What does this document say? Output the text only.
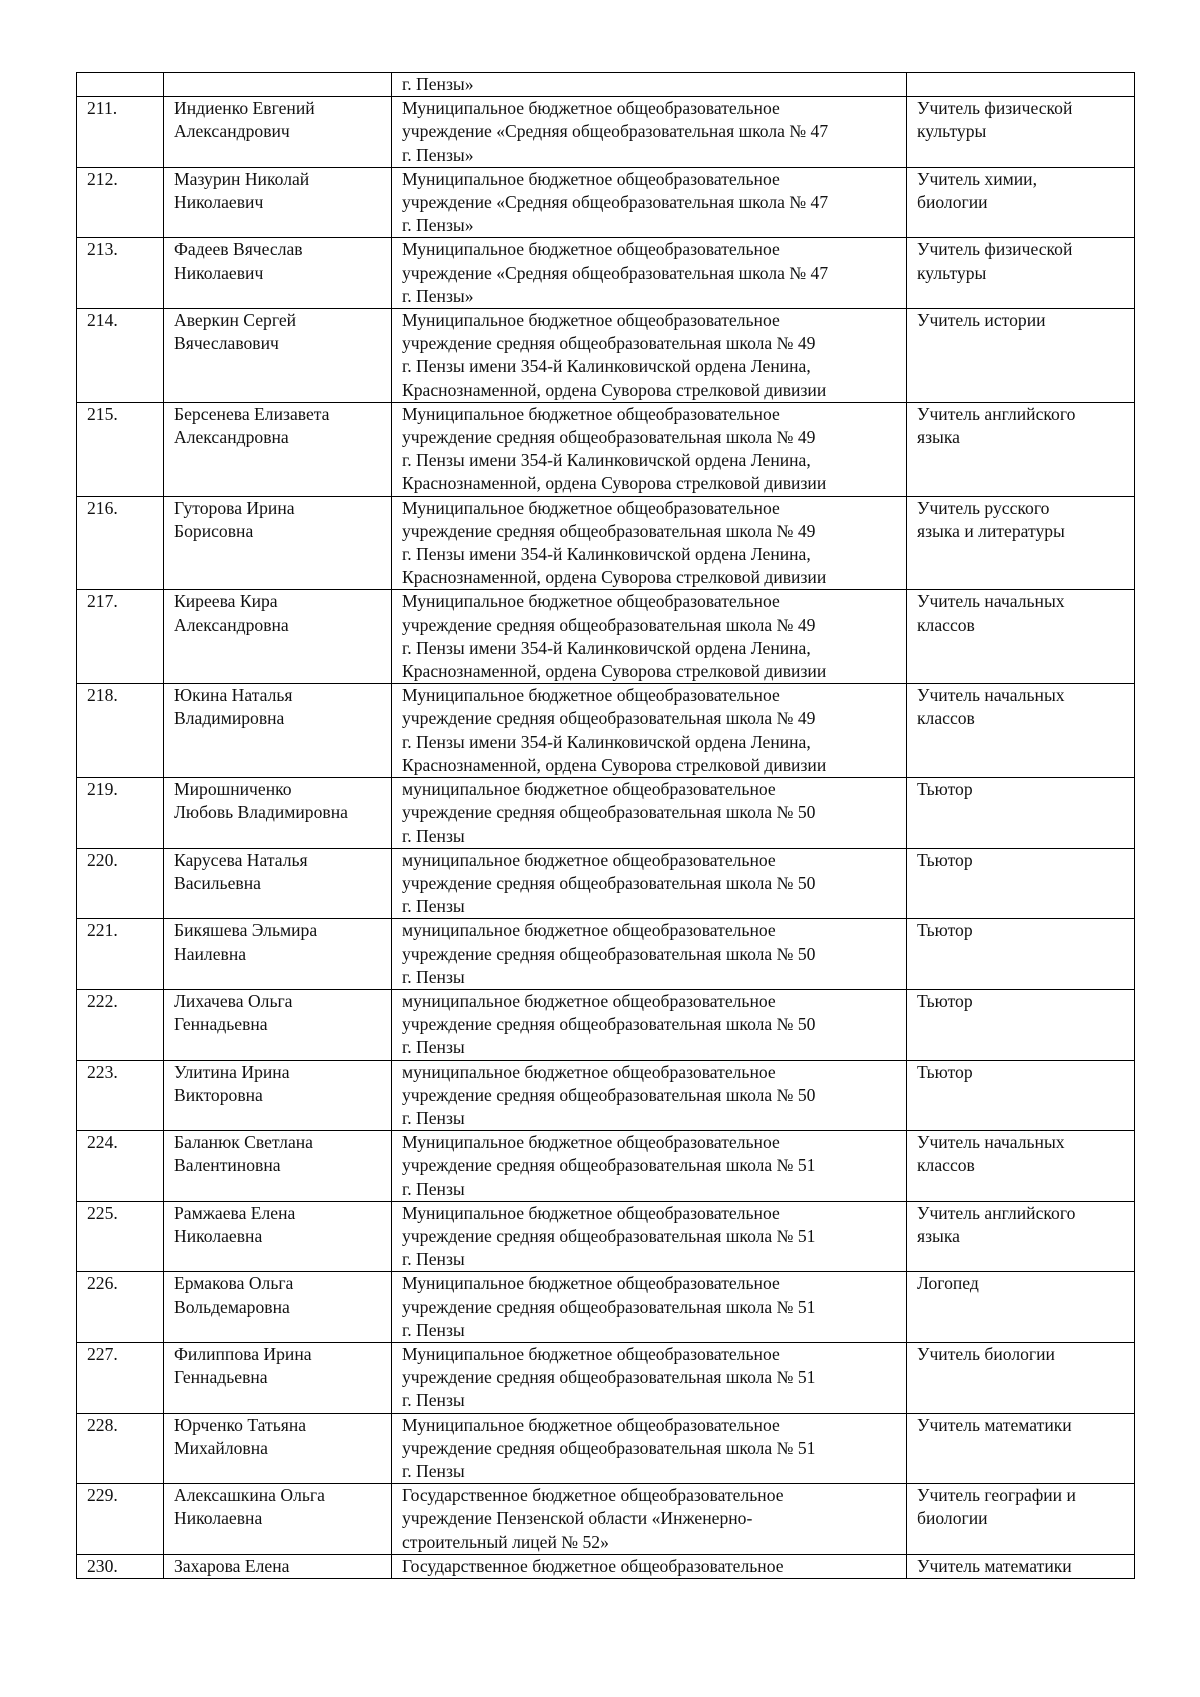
		г. Пензы»	
211.	Индиенко Евгений
Александрович	Муниципальное бюджетное общеобразовательное
учреждение «Средняя общеобразовательная школа № 47
г. Пензы»	Учитель физической
культуры
212.	Мазурин Николай
Николаевич	Муниципальное бюджетное общеобразовательное
учреждение «Средняя общеобразовательная школа № 47
г. Пензы»	Учитель химии,
биологии
213.	Фадеев Вячеслав
Николаевич	Муниципальное бюджетное общеобразовательное
учреждение «Средняя общеобразовательная школа № 47
г. Пензы»	Учитель физической
культуры
214.	Аверкин Сергей
Вячеславович	Муниципальное бюджетное общеобразовательное
учреждение средняя общеобразовательная школа № 49
г. Пензы имени 354-й Калинковичской ордена Ленина,
Краснознаменной, ордена Суворова стрелковой дивизии	Учитель истории
215.	Берсенева Елизавета
Александровна	Муниципальное бюджетное общеобразовательное
учреждение средняя общеобразовательная школа № 49
г. Пензы имени 354-й Калинковичской ордена Ленина,
Краснознаменной, ордена Суворова стрелковой дивизии	Учитель английского
языка
216.	Гуторова Ирина
Борисовна	Муниципальное бюджетное общеобразовательное
учреждение средняя общеобразовательная школа № 49
г. Пензы имени 354-й Калинковичской ордена Ленина,
Краснознаменной, ордена Суворова стрелковой дивизии	Учитель русского
языка и литературы
217.	Киреева Кира
Александровна	Муниципальное бюджетное общеобразовательное
учреждение средняя общеобразовательная школа № 49
г. Пензы имени 354-й Калинковичской ордена Ленина,
Краснознаменной, ордена Суворова стрелковой дивизии	Учитель начальных
классов
218.	Юкина Наталья
Владимировна	Муниципальное бюджетное общеобразовательное
учреждение средняя общеобразовательная школа № 49
г. Пензы имени 354-й Калинковичской ордена Ленина,
Краснознаменной, ордена Суворова стрелковой дивизии	Учитель начальных
классов
219.	Мирошниченко
Любовь Владимировна	муниципальное бюджетное общеобразовательное
учреждение средняя общеобразовательная школа № 50
г. Пензы	Тьютор
220.	Карусева Наталья
Васильевна	муниципальное бюджетное общеобразовательное
учреждение средняя общеобразовательная школа № 50
г. Пензы	Тьютор
221.	Бикяшева Эльмира
Наилевна	муниципальное бюджетное общеобразовательное
учреждение средняя общеобразовательная школа № 50
г. Пензы	Тьютор
222.	Лихачева Ольга
Геннадьевна	муниципальное бюджетное общеобразовательное
учреждение средняя общеобразовательная школа № 50
г. Пензы	Тьютор
223.	Улитина Ирина
Викторовна	муниципальное бюджетное общеобразовательное
учреждение средняя общеобразовательная школа № 50
г. Пензы	Тьютор
224.	Баланюк Светлана
Валентиновна	Муниципальное бюджетное общеобразовательное
учреждение средняя общеобразовательная школа № 51
г. Пензы	Учитель начальных
классов
225.	Рамжаева Елена
Николаевна	Муниципальное бюджетное общеобразовательное
учреждение средняя общеобразовательная школа № 51
г. Пензы	Учитель английского
языка
226.	Ермакова Ольга
Вольдемаровна	Муниципальное бюджетное общеобразовательное
учреждение средняя общеобразовательная школа № 51
г. Пензы	Логопед
227.	Филиппова Ирина
Геннадьевна	Муниципальное бюджетное общеобразовательное
учреждение средняя общеобразовательная школа № 51
г. Пензы	Учитель биологии
228.	Юрченко Татьяна
Михайловна	Муниципальное бюджетное общеобразовательное
учреждение средняя общеобразовательная школа № 51
г. Пензы	Учитель математики
229.	Алексашкина Ольга
Николаевна	Государственное бюджетное общеобразовательное
учреждение Пензенской области «Инженерно-
строительный лицей № 52»	Учитель географии и
биологии
230.	Захарова Елена	Государственное бюджетное общеобразовательное	Учитель математики
